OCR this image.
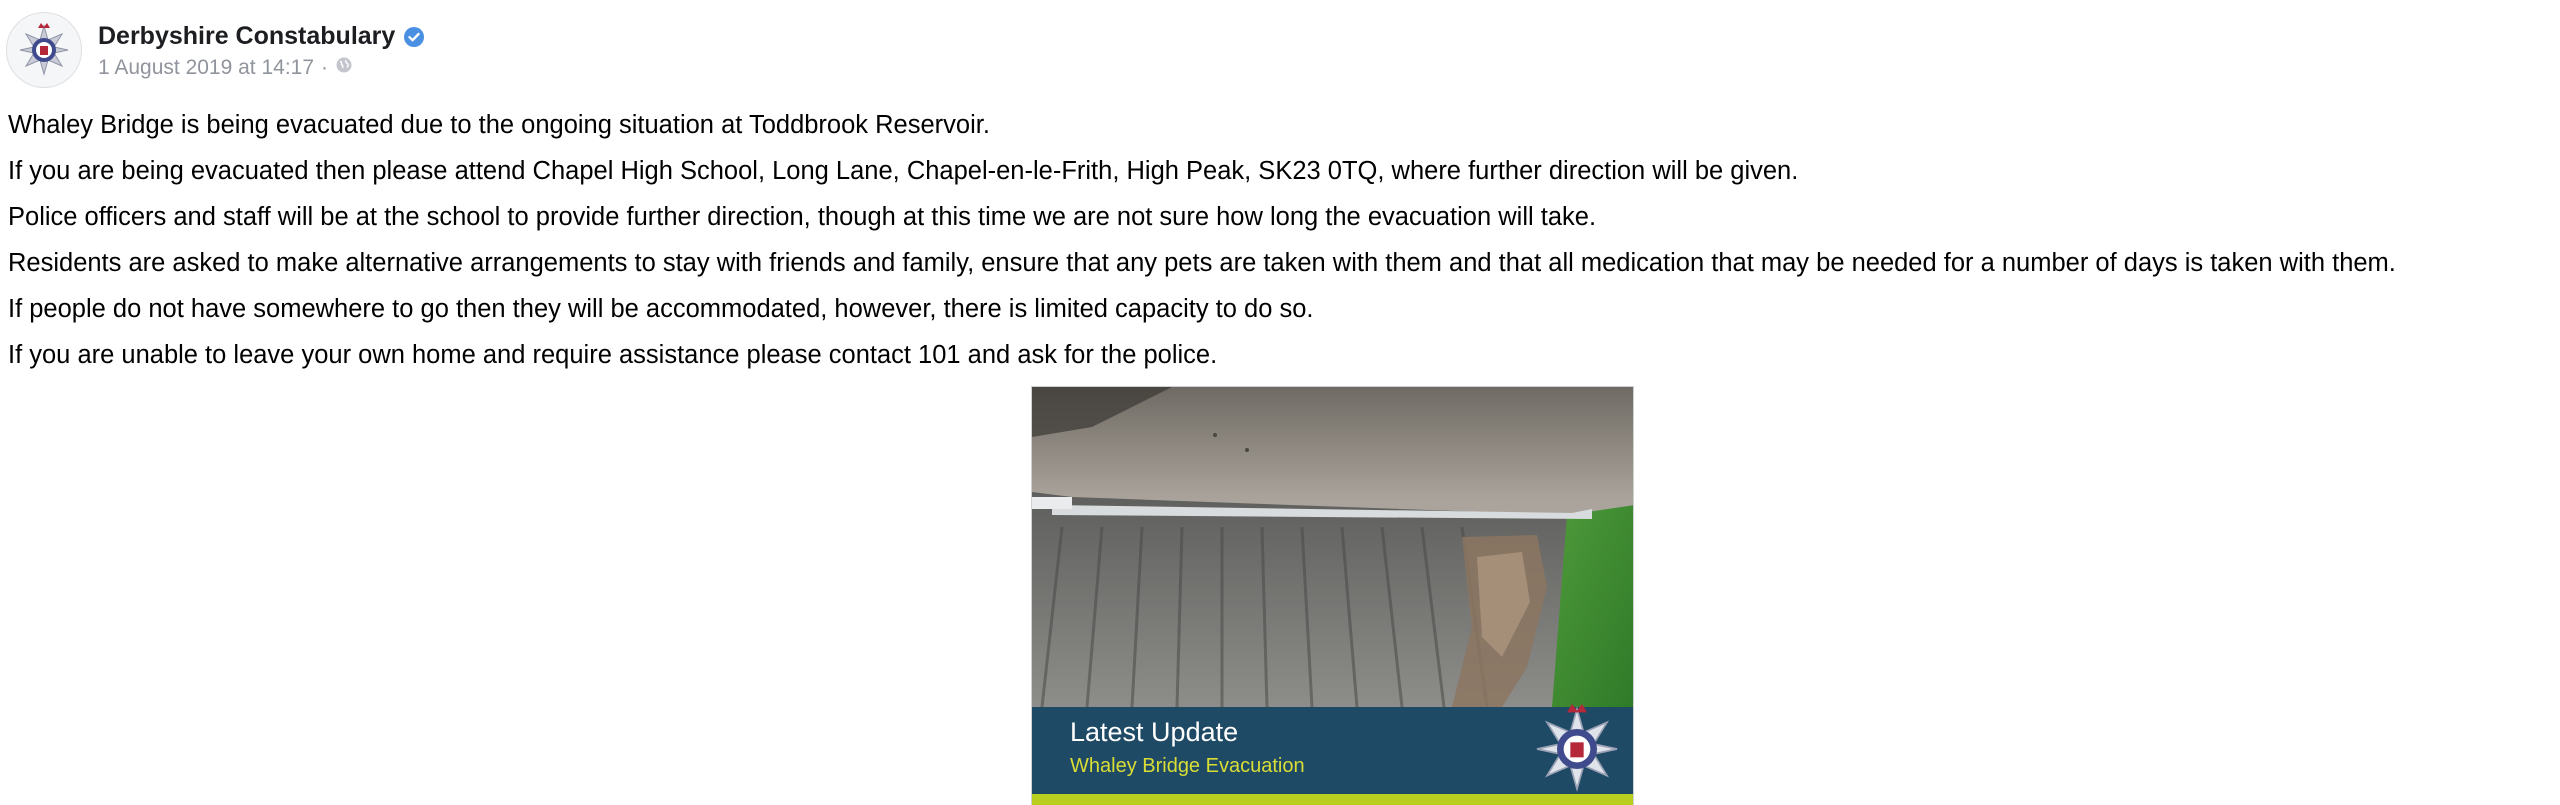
Derbyshire Constabulary
1 August 2019 at 14:17 ·

Whaley Bridge is being evacuated due to the ongoing situation at Toddbrook Reservoir.

If you are being evacuated then please attend Chapel High School, Long Lane, Chapel-en-le-Frith, High Peak, SK23 0TQ, where further direction will be given.

Police officers and staff will be at the school to provide further direction, though at this time we are not sure how long the evacuation will take.

Residents are asked to make alternative arrangements to stay with friends and family, ensure that any pets are taken with them and that all medication that may be needed for a number of days is taken with them.

If people do not have somewhere to go then they will be accommodated, however, there is limited capacity to do so.

If you are unable to leave your own home and require assistance please contact 101 and ask for the police.

Latest Update
Whaley Bridge Evacuation
